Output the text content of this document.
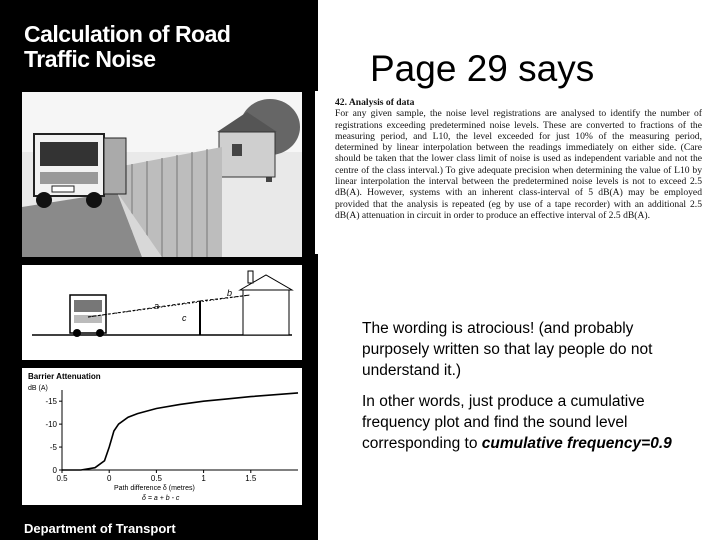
Calculation of Road
Traffic Noise
a
b
c
Barrier Attenuation
dB (A)
-15
-10
-5
0
0.5	0	0.5	1	1.5
Path difference δ (metres)
δ = a + b - c
Department of Transport
Page 29 says
42. Analysis of data
For any given sample, the noise level registrations are analysed to identify the number of registrations exceeding predetermined noise levels. These are converted to fractions of the measuring period, and L10, the level exceeded for just 10% of the measuring period, determined by linear interpolation between the readings immediately on either side. (Care should be taken that the lower class limit of noise is used as independent variable and not the centre of the class interval.) To give adequate precision when determining the value of L10 by linear interpolation the interval between the predetermined noise levels is not to exceed 2.5 dB(A). However, systems with an inherent class-interval of 5 dB(A) may be employed provided that the analysis is repeated (eg by use of a tape recorder) with an additional 2.5 dB(A) attenuation in circuit in order to produce an effective interval of 2.5 dB(A).

The wording is atrocious! (and probably purposely written so that lay people do not understand it.)

In other words, just produce a cumulative frequency plot and find the sound level corresponding to cumulative frequency=0.9
